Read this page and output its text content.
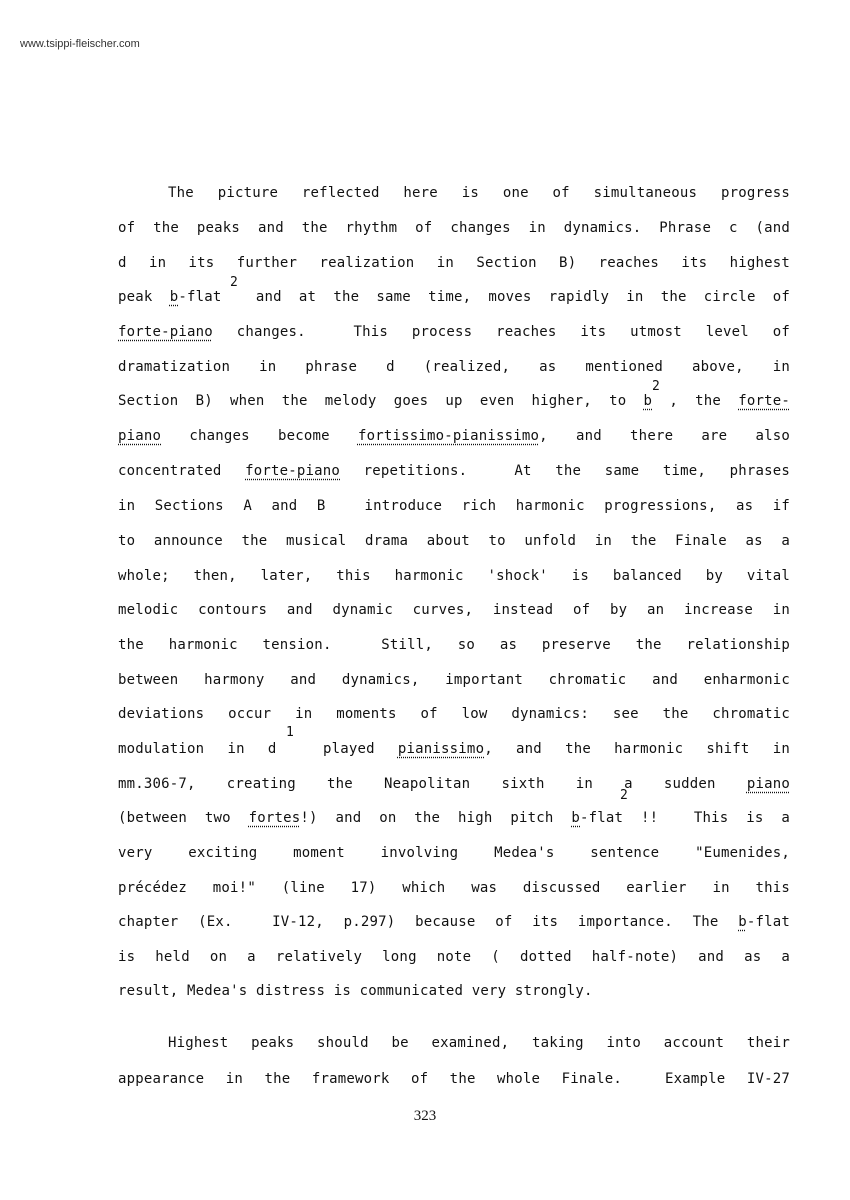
www.tsippi-fleischer.com
The picture reflected here is one of simultaneous progress
of the peaks and the rhythm of changes in dynamics. Phrase c (and
d in its further realization in Section B) reaches its highest
2
peak b-flat  and at the same time, moves rapidly in the circle of
forte-piano changes.  This process reaches its utmost level of
dramatization in phrase d (realized, as mentioned above, in
2
Section B) when the melody goes up even higher, to b , the forte-
piano changes become fortissimo-pianissimo, and there are also
concentrated forte-piano repetitions.  At the same time, phrases
in Sections A and B  introduce rich harmonic progressions, as if
to announce the musical drama about to unfold in the Finale as a
whole; then, later, this harmonic 'shock' is balanced by vital
melodic contours and dynamic curves, instead of by an increase in
the harmonic tension.  Still, so as preserve the relationship
between harmony and dynamics, important chromatic and enharmonic
deviations occur in moments of low dynamics: see the chromatic
1
modulation in d  played pianissimo, and the harmonic shift in
mm.306-7, creating the Neapolitan sixth in a sudden piano
2
(between two fortes!) and on the high pitch b-flat !!  This is a
very exciting moment involving Medea's sentence "Eumenides,
précédez moi!" (line 17) which was discussed earlier in this
chapter (Ex.  IV-12, p.297) because of its importance. The b-flat
is held on a relatively long note ( dotted half-note) and as a
result, Medea's distress is communicated very strongly.
Highest peaks should be examined, taking into account their
appearance in the framework of the whole Finale.  Example IV-27
323
